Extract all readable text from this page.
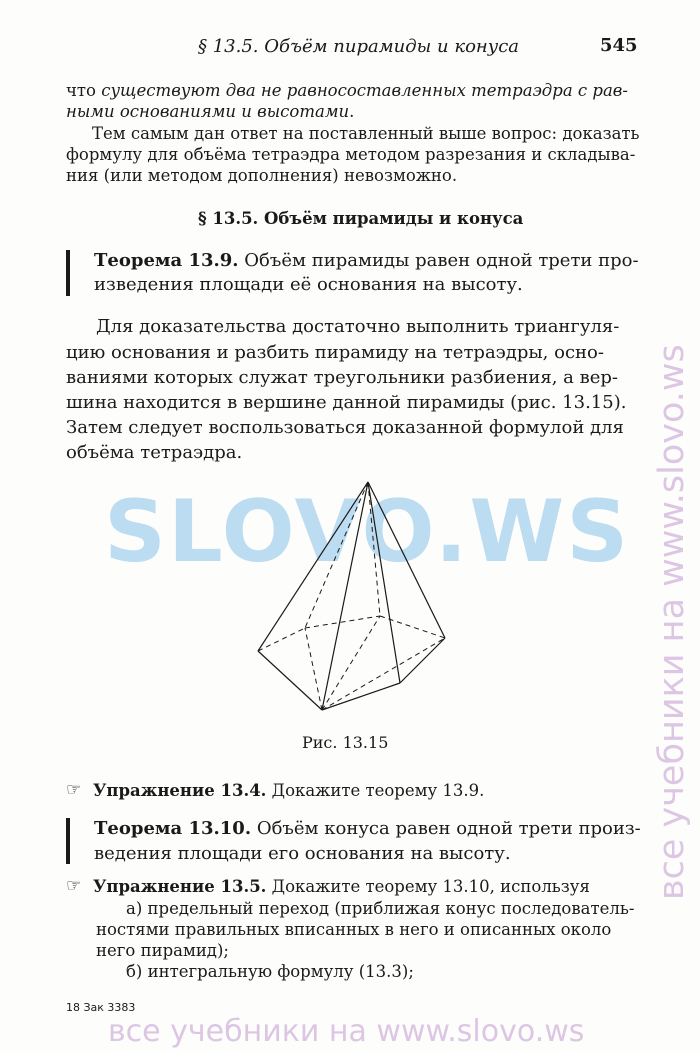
§ 13.5. Объём пирамиды и конуса	545
что существуют два не равносоставленных тетраэдра с рав-
ными основаниями и высотами.
Тем самым дан ответ на поставленный выше вопрос: доказать
формулу для объёма тетраэдра методом разрезания и складыва-
ния (или методом дополнения) невозможно.
§ 13.5. Объём пирамиды и конуса
Теорема 13.9. Объём пирамиды равен одной трети про-
изведения площади её основания на высоту.
Для доказательства достаточно выполнить триангуля-
цию основания и разбить пирамиду на тетраэдры, осно-
ваниями которых служат треугольники разбиения, а вер-
шина находится в вершине данной пирамиды (рис. 13.15).
Затем следует воспользоваться доказанной формулой для
объёма тетраэдра.
SLOVO.WS
Рис. 13.15
☞ Упражнение 13.4. Докажите теорему 13.9.
Теорема 13.10. Объём конуса равен одной трети произ-
ведения площади его основания на высоту.
☞ Упражнение 13.5. Докажите теорему 13.10, используя
а) предельный переход (приближая конус последователь-
ностями правильных вписанных в него и описанных около
него пирамид);
б) интегральную формулу (13.3);
18 Зак 3383
все учебники на www.slovo.ws
все учебники на www.slovo.ws
